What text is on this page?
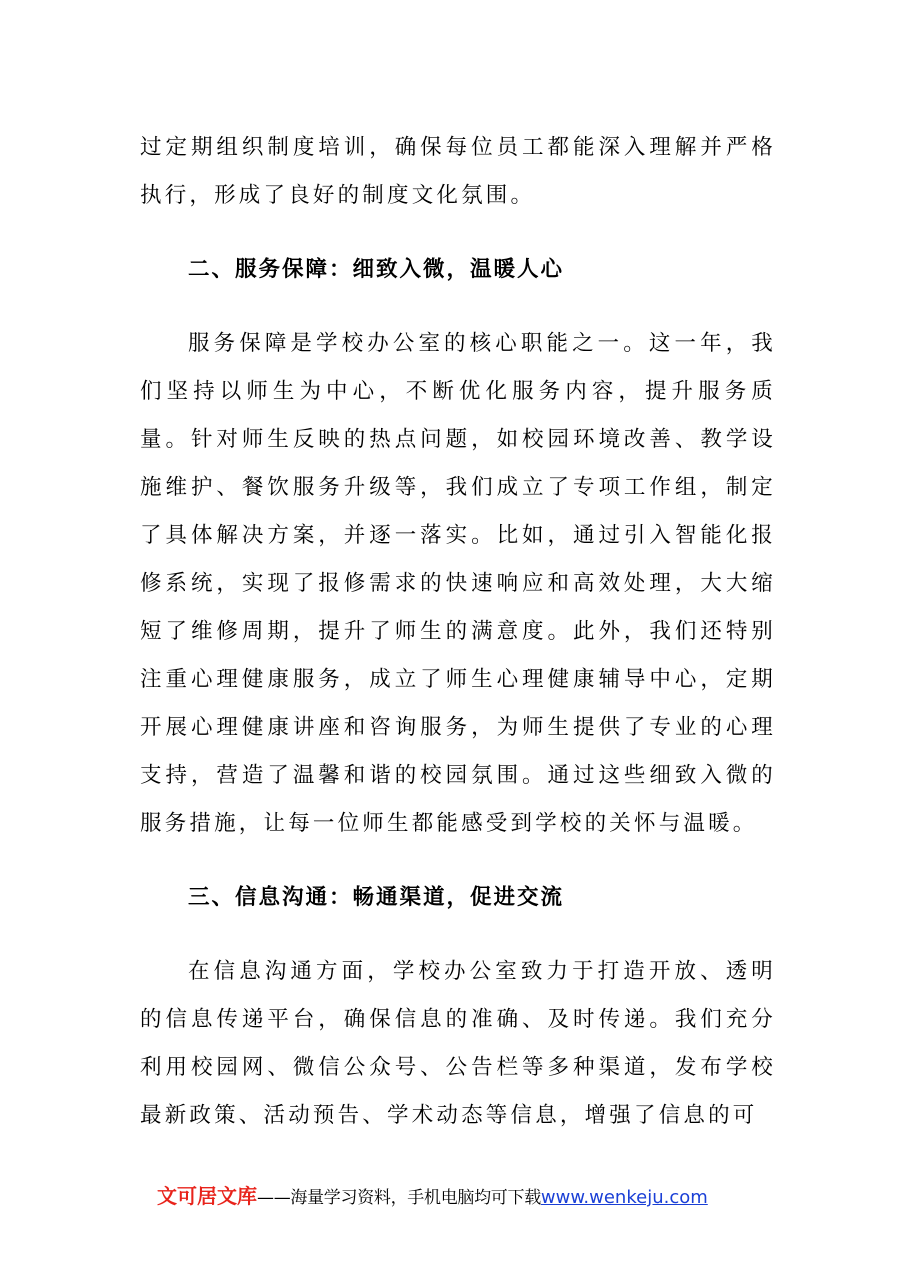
过定期组织制度培训，确保每位员工都能深入理解并严格执行，形成了良好的制度文化氛围。

二、服务保障：细致入微，温暖人心

服务保障是学校办公室的核心职能之一。这一年，我们坚持以师生为中心，不断优化服务内容，提升服务质量。针对师生反映的热点问题，如校园环境改善、教学设施维护、餐饮服务升级等，我们成立了专项工作组，制定了具体解决方案，并逐一落实。比如，通过引入智能化报修系统，实现了报修需求的快速响应和高效处理，大大缩短了维修周期，提升了师生的满意度。此外，我们还特别注重心理健康服务，成立了师生心理健康辅导中心，定期开展心理健康讲座和咨询服务，为师生提供了专业的心理支持，营造了温馨和谐的校园氛围。通过这些细致入微的服务措施，让每一位师生都能感受到学校的关怀与温暖。

三、信息沟通：畅通渠道，促进交流

在信息沟通方面，学校办公室致力于打造开放、透明的信息传递平台，确保信息的准确、及时传递。我们充分利用校园网、微信公众号、公告栏等多种渠道，发布学校最新政策、活动预告、学术动态等信息，增强了信息的可

文可居文库——海量学习资料，手机电脑均可下载www.wenkeju.com
